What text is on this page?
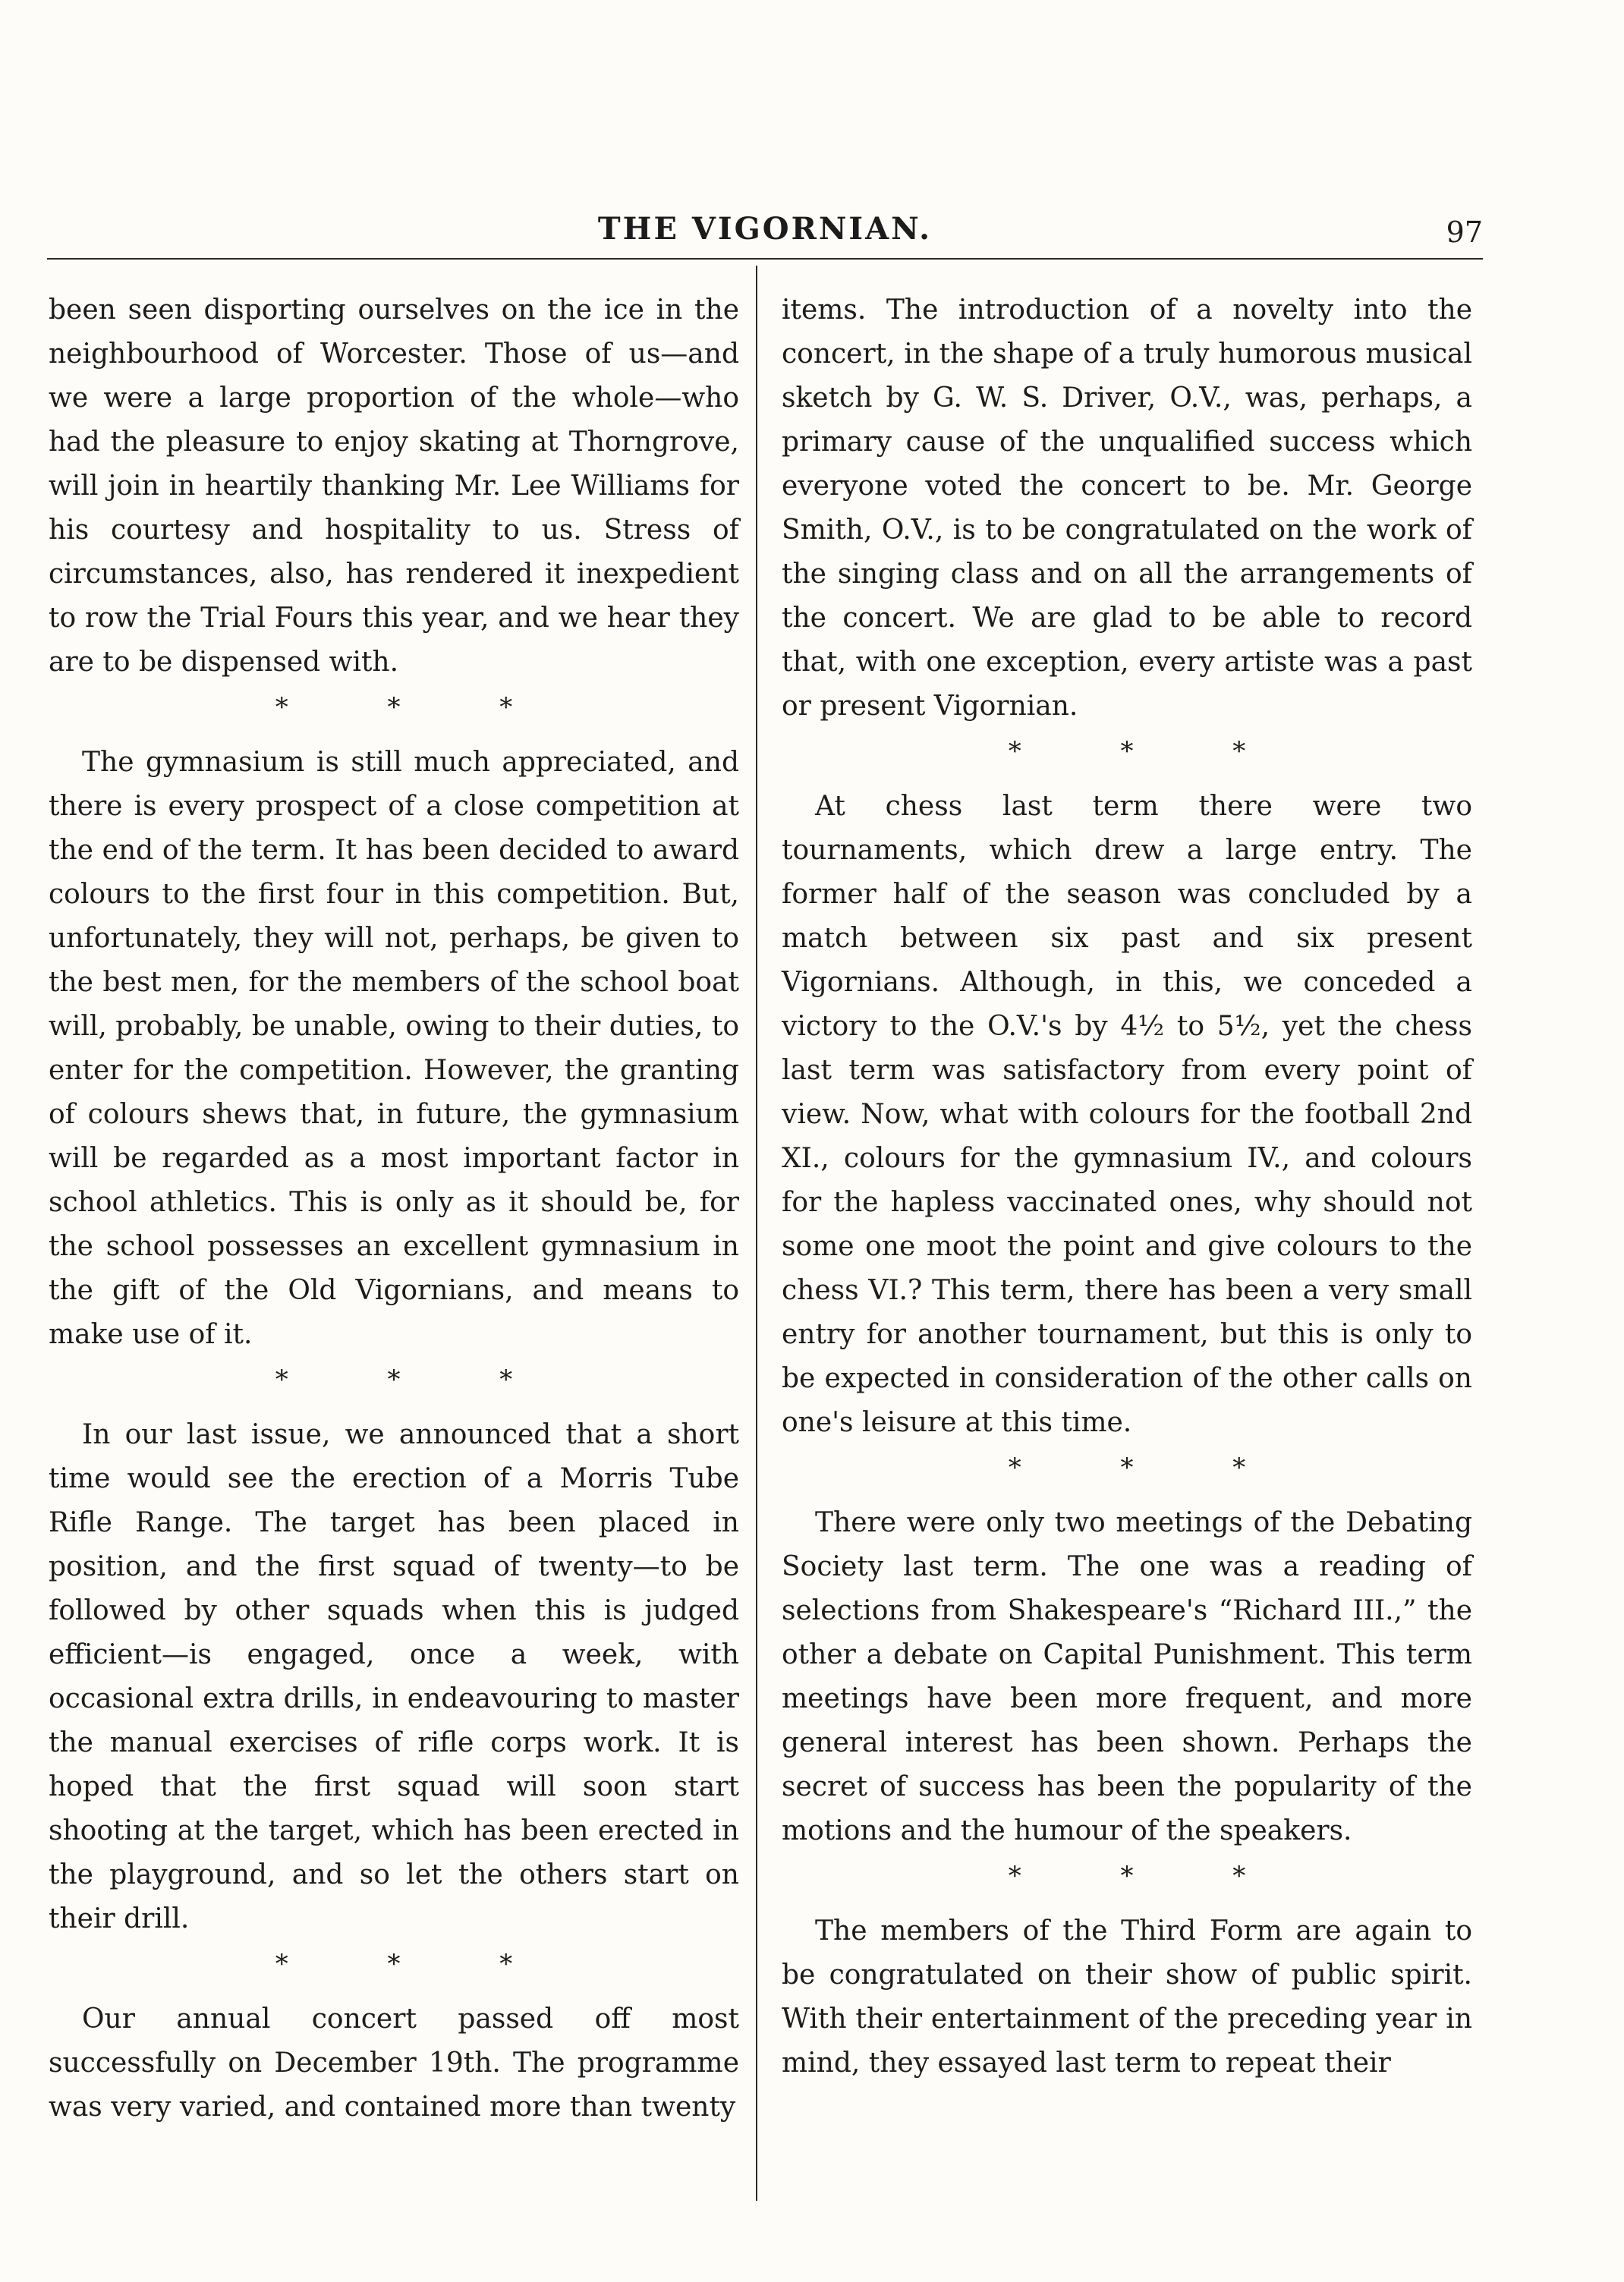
THE VIGORNIAN.	97

been seen disporting ourselves on the ice in the neighbourhood of Worcester. Those of us—and we were a large proportion of the whole—who had the pleasure to enjoy skating at Thorngrove, will join in heartily thanking Mr. Lee Williams for his courtesy and hospitality to us. Stress of circumstances, also, has rendered it inexpedient to row the Trial Fours this year, and we hear they are to be dispensed with.

* * *

The gymnasium is still much appreciated, and there is every prospect of a close competition at the end of the term. It has been decided to award colours to the first four in this competition. But, unfortunately, they will not, perhaps, be given to the best men, for the members of the school boat will, probably, be unable, owing to their duties, to enter for the competition. However, the granting of colours shews that, in future, the gymnasium will be regarded as a most important factor in school athletics. This is only as it should be, for the school possesses an excellent gymnasium in the gift of the Old Vigornians, and means to make use of it.

* * *

In our last issue, we announced that a short time would see the erection of a Morris Tube Rifle Range. The target has been placed in position, and the first squad of twenty—to be followed by other squads when this is judged efficient—is engaged, once a week, with occasional extra drills, in endeavouring to master the manual exercises of rifle corps work. It is hoped that the first squad will soon start shooting at the target, which has been erected in the playground, and so let the others start on their drill.

* * *

Our annual concert passed off most successfully on December 19th. The programme was very varied, and contained more than twenty

items. The introduction of a novelty into the concert, in the shape of a truly humorous musical sketch by G. W. S. Driver, O.V., was, perhaps, a primary cause of the unqualified success which everyone voted the concert to be. Mr. George Smith, O.V., is to be congratulated on the work of the singing class and on all the arrangements of the concert. We are glad to be able to record that, with one exception, every artiste was a past or present Vigornian.

* * *

At chess last term there were two tournaments, which drew a large entry. The former half of the season was concluded by a match between six past and six present Vigornians. Although, in this, we conceded a victory to the O.V.'s by 4½ to 5½, yet the chess last term was satisfactory from every point of view. Now, what with colours for the football 2nd XI., colours for the gymnasium IV., and colours for the hapless vaccinated ones, why should not some one moot the point and give colours to the chess VI.? This term, there has been a very small entry for another tournament, but this is only to be expected in consideration of the other calls on one's leisure at this time.

* * *

There were only two meetings of the Debating Society last term. The one was a reading of selections from Shakespeare's “Richard III.,” the other a debate on Capital Punishment. This term meetings have been more frequent, and more general interest has been shown. Perhaps the secret of success has been the popularity of the motions and the humour of the speakers.

* * *

The members of the Third Form are again to be congratulated on their show of public spirit. With their entertainment of the preceding year in mind, they essayed last term to repeat their
